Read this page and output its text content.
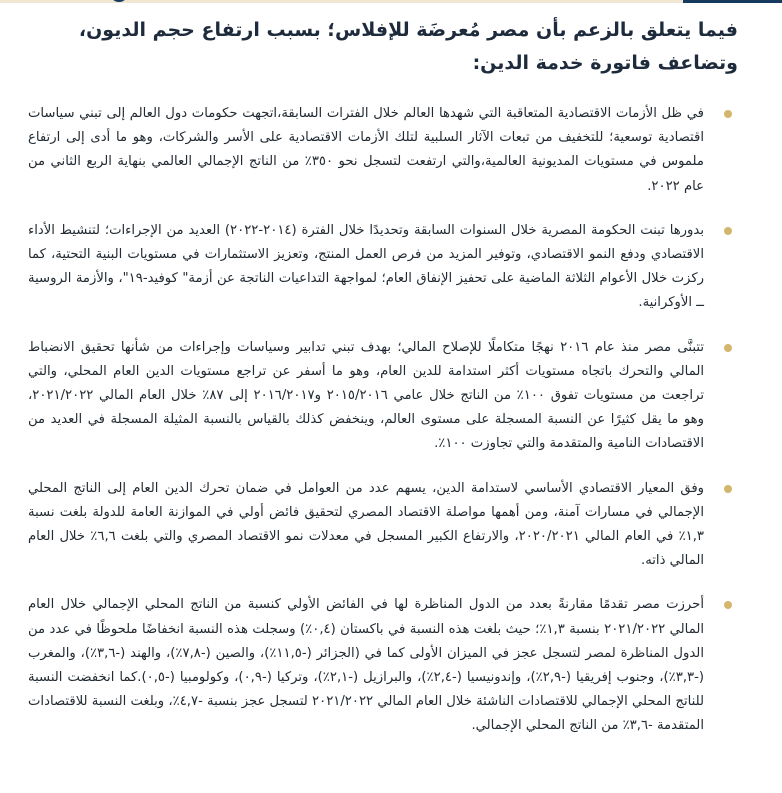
فيما يتعلق بالزعم بأن مصر مُعرضَة للإفلاس؛ بسبب ارتفاع حجم الديون، وتضاعف فاتورة خدمة الدين:
في ظل الأزمات الاقتصادية المتعاقبة التي شهدها العالم خلال الفترات السابقة،اتجهت حكومات دول العالم إلى تبني سياسات اقتصادية توسعية؛ للتخفيف من تبعات الآثار السلبية لتلك الأزمات الاقتصادية على الأسر والشركات، وهو ما أدى إلى ارتفاع ملموس في مستويات المديونية العالمية،والتي ارتفعت لتسجل نحو ٣٥٠٪ من الناتج الإجمالي العالمي بنهاية الربع الثاني من عام ٢٠٢٢.
بدورها تبنت الحكومة المصرية خلال السنوات السابقة وتحديدًا خلال الفترة (٢٠١٤-٢٠٢٢) العديد من الإجراءات؛ لتنشيط الأداء الاقتصادي ودفع النمو الاقتصادي، وتوفير المزيد من فرص العمل المنتج، وتعزيز الاستثمارات في مستويات البنية التحتية، كما ركزت خلال الأعوام الثلاثة الماضية على تحفيز الإنفاق العام؛ لمواجهة التداعيات الناتجة عن أزمة" كوفيد-١٩"، والأزمة الروسية ــ الأوكرانية.
تتبنَّى مصر منذ عام ٢٠١٦ نهجًا متكاملًا للإصلاح المالي؛ بهدف تبني تدابير وسياسات وإجراءات من شأنها تحقيق الانضباط المالي والتحرك باتجاه مستويات أكثر استدامة للدين العام، وهو ما أسفر عن تراجع مستويات الدين العام المحلي، والتي تراجعت من مستويات تفوق ١٠٠٪ من الناتج خلال عامي ٢٠١٥/٢٠١٦ و٢٠١٦/٢٠١٧ إلى ٨٧٪ خلال العام المالي ٢٠٢١/٢٠٢٢، وهو ما يقل كثيرًا عن النسبة المسجلة على مستوى العالم، وينخفض كذلك بالقياس بالنسبة المثيلة المسجلة في العديد من الاقتصادات النامية والمتقدمة والتي تجاوزت ١٠٠٪.
وفق المعيار الاقتصادي الأساسي لاستدامة الدين، يسهم عدد من العوامل في ضمان تحرك الدين العام إلى الناتج المحلي الإجمالي في مسارات آمنة، ومن أهمها مواصلة الاقتصاد المصري لتحقيق فائض أولي في الموازنة العامة للدولة بلغت نسبة ١,٣٪ في العام المالي ٢٠٢٠/٢٠٢١، والارتفاع الكبير المسجل في معدلات نمو الاقتصاد المصري والتي بلغت ٦,٦٪ خلال العام المالي ذاته.
أحرزت مصر تقدمًا مقارنةً بعدد من الدول المناظرة لها في الفائض الأولي كنسبة من الناتج المحلي الإجمالي خلال العام المالي ٢٠٢١/٢٠٢٢ بنسبة ١,٣٪؛ حيث بلغت هذه النسبة في باكستان (٠,٤٪) وسجلت هذه النسبة انخفاضًا ملحوظًا في عدد من الدول المناظرة لمصر لتسجل عجز في الميزان الأولى كما في (الجزائر (-١١,٥٪)، والصين (-٧,٨٪)، والهند (-٣,٦٪)، والمغرب (-٣,٣٪)، وجنوب إفريقيا (-٢,٩٪)، وإندونيسيا (-٢,٤٪)، والبرازيل (-٢,١٪)، وتركيا (-٠,٩)، وكولومبيا (-٠,٥).كما انخفضت النسبة للناتج المحلي الإجمالي للاقتصادات الناشئة خلال العام المالي ٢٠٢١/٢٠٢٢ لتسجل عجز بنسبة -٤,٧٪، وبلغت النسبة للاقتصادات المتقدمة -٣,٦٪ من الناتج المحلي الإجمالي.
